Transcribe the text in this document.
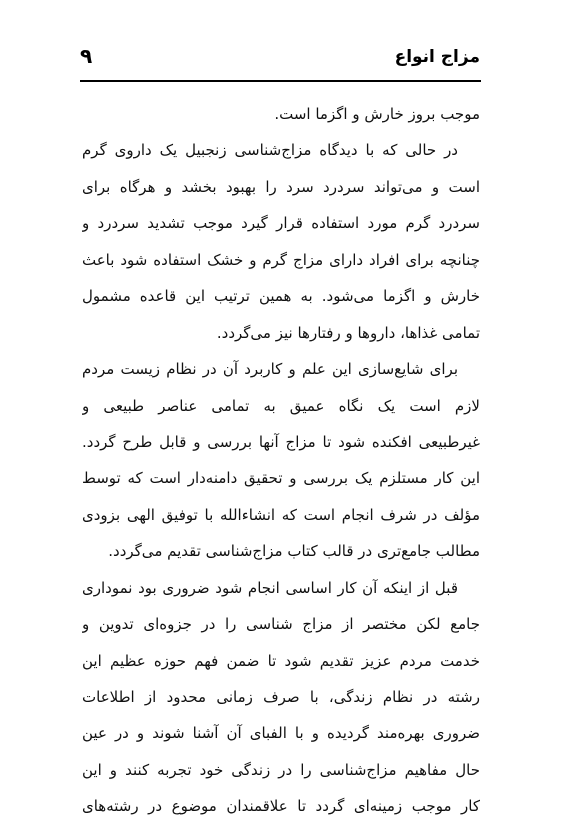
مزاج انواع
۹
موجب بروز خارش و اگزما است.
در حالی که با دیدگاه مزاج‌شناسی زنجبیل یک داروی گرم
است و می‌تواند سردرد سرد را بهبود بخشد و هرگاه برای
سردرد گرم مورد استفاده قرار گیرد موجب تشدید سردرد و
چنانچه برای افراد دارای مزاج گرم و خشک استفاده شود باعث
خارش و اگزما می‌شود. به همین ترتیب این قاعده مشمول
تمامی غذاها، داروها و رفتارها نیز می‌گردد.
برای شایع‌سازی این علم و کاربرد آن در نظام زیست مردم
لازم است یک نگاه عمیق به تمامی عناصر طبیعی و
غیرطبیعی افکنده شود تا مزاج آنها بررسی و قابل طرح گردد.
این کار مستلزم یک بررسی و تحقیق دامنه‌دار است که توسط
مؤلف در شرف انجام است که انشاءالله با توفیق الهی بزودی
مطالب جامع‌تری در قالب کتاب مزاج‌شناسی تقدیم می‌گردد.
قبل از اینکه آن کار اساسی انجام شود ضروری بود نموداری
جامع لکن مختصر از مزاج شناسی را در جزوه‌ای تدوین و
خدمت مردم عزیز تقدیم شود تا ضمن فهم حوزه عظیم این
رشته در نظام زندگی، با صرف زمانی محدود از اطلاعات
ضروری بهره‌مند گردیده و با الفبای آن آشنا شوند و در عین
حال مفاهیم مزاج‌شناسی را در زندگی خود تجربه کنند و این
کار موجب زمینه‌ای گردد تا علاقمندان موضوع در رشته‌های
